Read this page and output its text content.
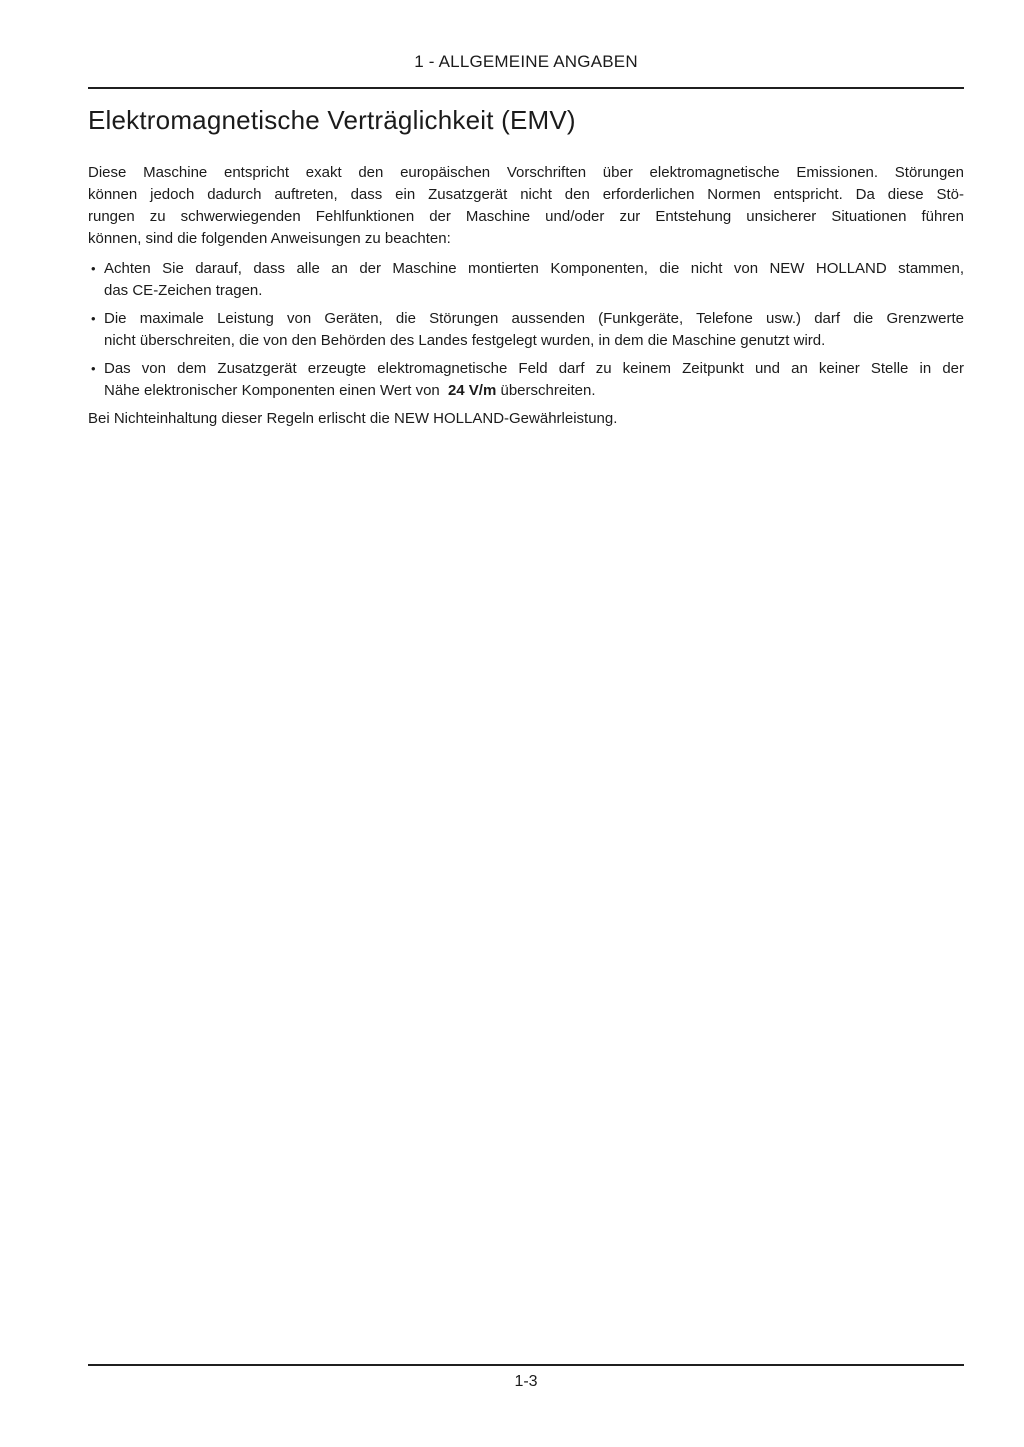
1 - ALLGEMEINE ANGABEN
Elektromagnetische Verträglichkeit (EMV)
Diese Maschine entspricht exakt den europäischen Vorschriften über elektromagnetische Emissionen. Störungen
können jedoch dadurch auftreten, dass ein Zusatzgerät nicht den erforderlichen Normen entspricht. Da diese Stö-
rungen zu schwerwiegenden Fehlfunktionen der Maschine und/oder zur Entstehung unsicherer Situationen führen
können, sind die folgenden Anweisungen zu beachten:
• Achten Sie darauf, dass alle an der Maschine montierten Komponenten, die nicht von NEW HOLLAND stammen,
das CE-Zeichen tragen.
• Die maximale Leistung von Geräten, die Störungen aussenden (Funkgeräte, Telefone usw.) darf die Grenzwerte
nicht überschreiten, die von den Behörden des Landes festgelegt wurden, in dem die Maschine genutzt wird.
• Das von dem Zusatzgerät erzeugte elektromagnetische Feld darf zu keinem Zeitpunkt und an keiner Stelle in der
Nähe elektronischer Komponenten einen Wert von 24 V/m überschreiten.

Bei Nichteinhaltung dieser Regeln erlischt die NEW HOLLAND-Gewährleistung.

1-3
